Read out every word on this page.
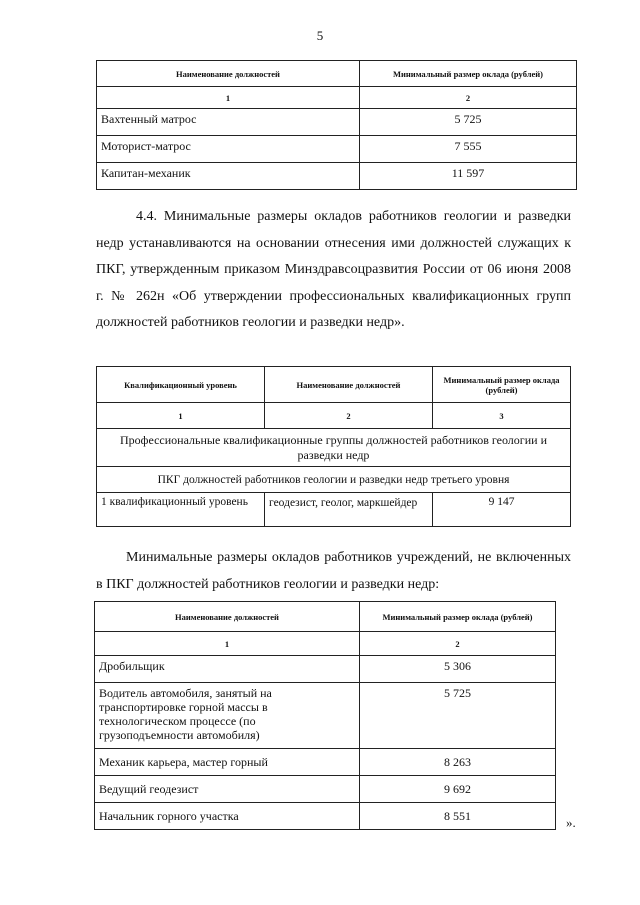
5
Наименование должностей	Минимальный размер оклада (рублей)
1	2
Вахтенный матрос	5 725
Моторист-матрос	7 555
Капитан-механик	11 597

4.4. Минимальные размеры окладов работников геологии и разведки недр устанавливаются на основании отнесения ими должностей служащих к ПКГ, утвержденным приказом Минздравсоцразвития России от 06 июня 2008 г. № 262н «Об утверждении профессиональных квалификационных групп должностей работников геологии и разведки недр».

Квалификационный уровень	Наименование должностей	Минимальный размер оклада (рублей)
1	2	3
Профессиональные квалификационные группы должностей работников геологии и разведки недр		
ПКГ должностей работников геологии и разведки недр третьего уровня		
1 квалификационный уровень	геодезист, геолог, маркшейдер	9 147

Минимальные размеры окладов работников учреждений, не включенных в ПКГ должностей работников геологии и разведки недр:

Наименование должностей	Минимальный размер оклада (рублей)
1	2
Дробильщик	5 306
Водитель автомобиля, занятый на транспортировке горной массы в технологическом процессе (по грузоподъемности автомобиля)	5 725
Механик карьера, мастер горный	8 263
Ведущий геодезист	9 692
Начальник горного участка	8 551	».
